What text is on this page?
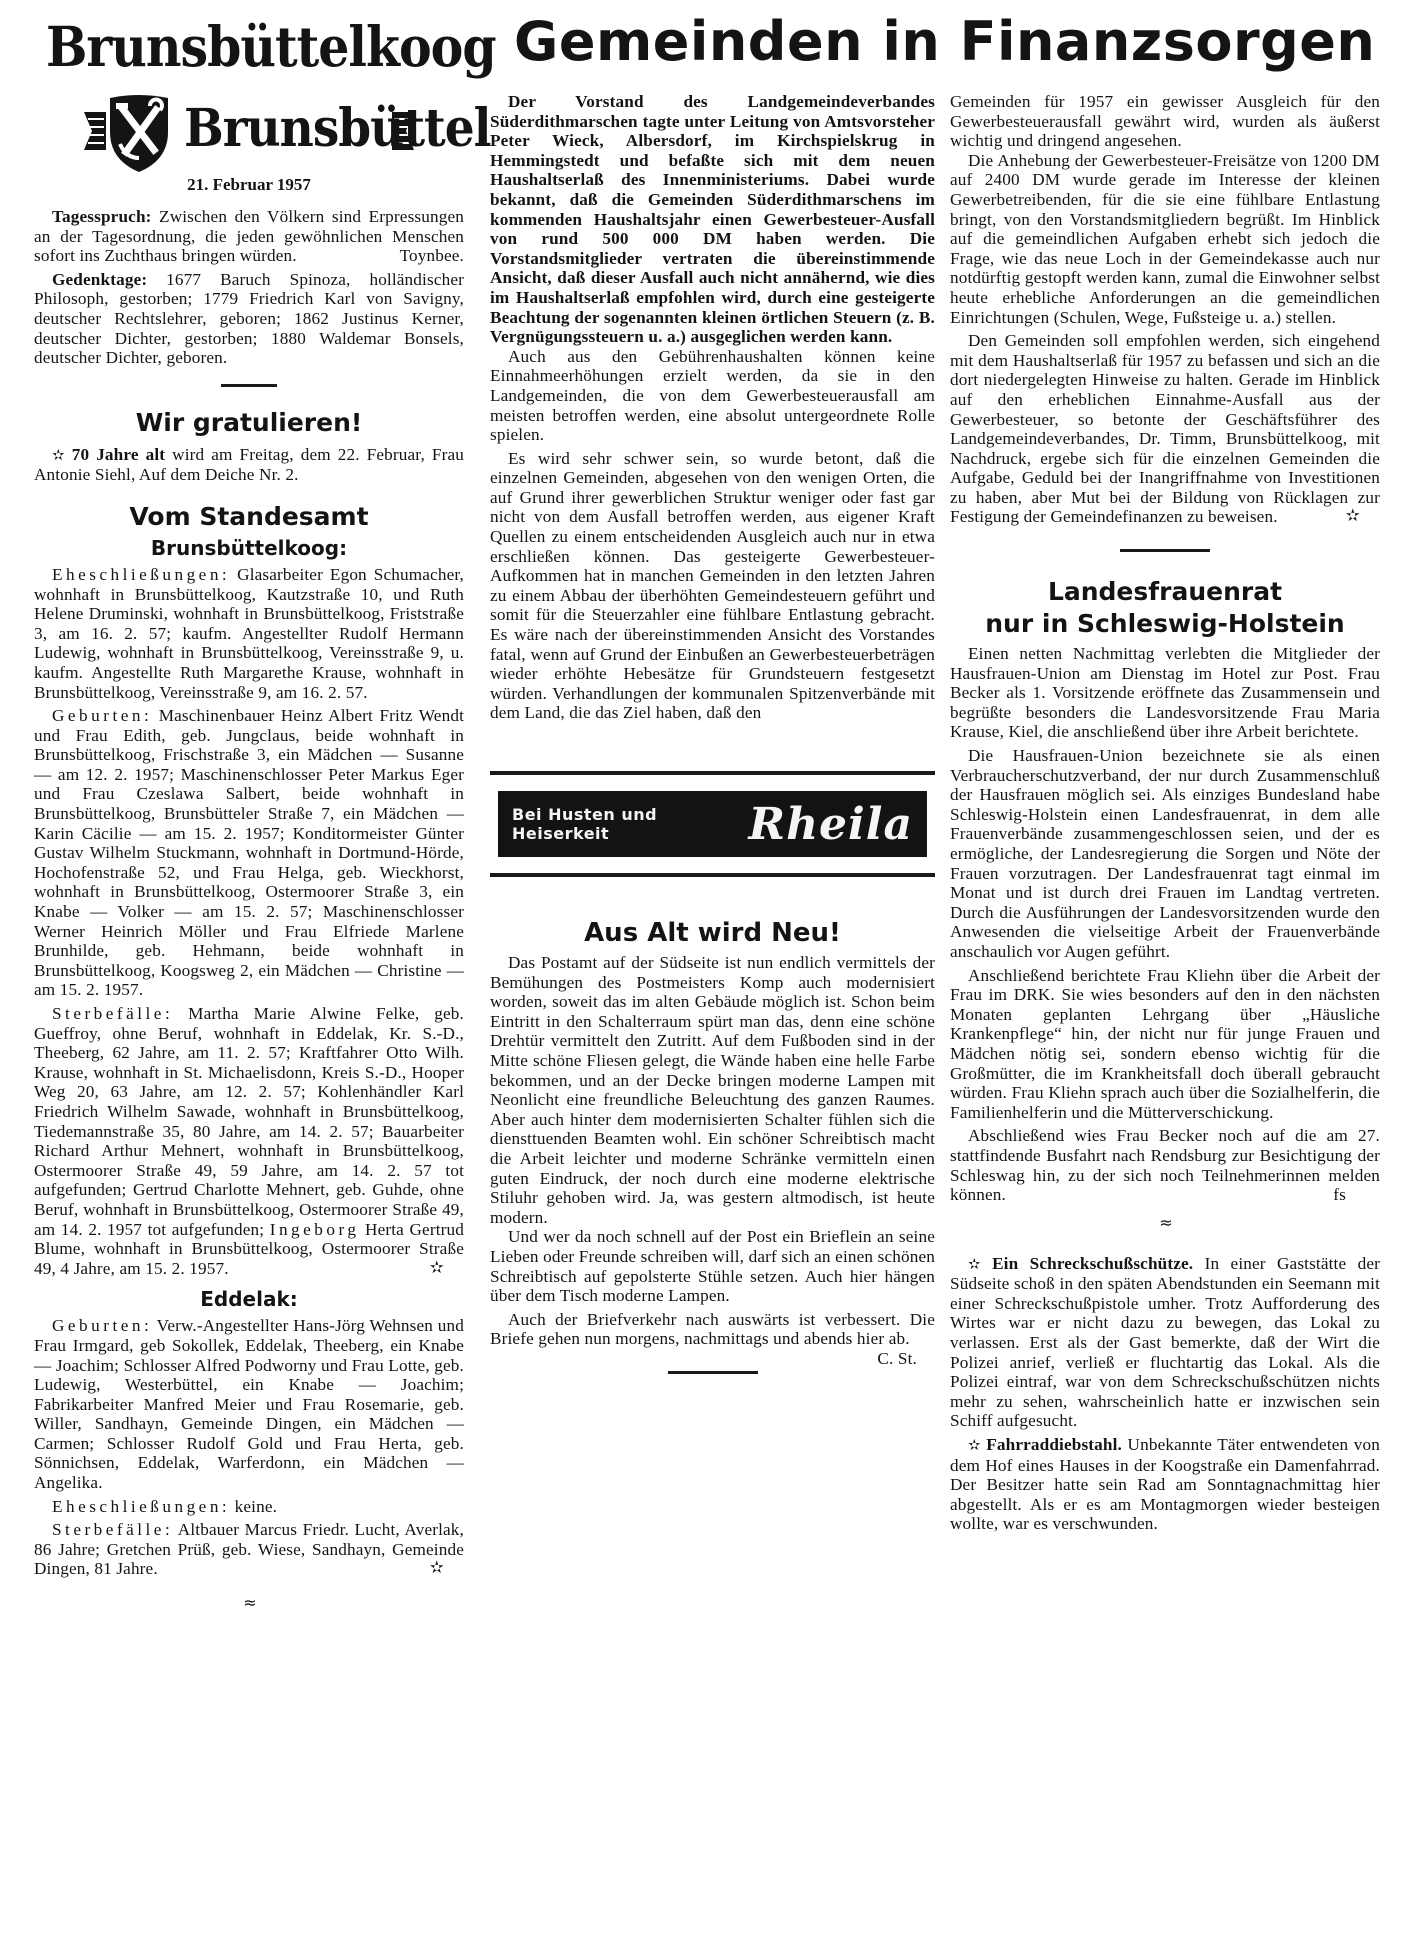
Gemeinden in Finanzsorgen
Brunsbüttelkoog
Brunsbüttel
21. Februar 1957

Tagesspruch: Zwischen den Völkern sind Erpressungen an der Tagesordnung, die jeden gewöhnlichen Menschen sofort ins Zuchthaus bringen würden.	Toynbee.

Gedenktage: 1677 Baruch Spinoza, holländischer Philosoph, gestorben; 1779 Friedrich Karl von Savigny, deutscher Rechtslehrer, geboren; 1862 Justinus Kerner, deutscher Dichter, gestorben; 1880 Waldemar Bonsels, deutscher Dichter, geboren.

Wir gratulieren!

✫ 70 Jahre alt wird am Freitag, dem 22. Februar, Frau Antonie Siehl, Auf dem Deiche Nr. 2.

Vom Standesamt
Brunsbüttelkoog:

Eheschließungen: Glasarbeiter Egon Schumacher, wohnhaft in Brunsbüttelkoog, Kautzstraße 10, und Ruth Helene Druminski, wohnhaft in Brunsbüttelkoog, Friststraße 3, am 16. 2. 57; kaufm. Angestellter Rudolf Hermann Ludewig, wohnhaft in Brunsbüttelkoog, Vereinsstraße 9, u. kaufm. Angestellte Ruth Margarethe Krause, wohnhaft in Brunsbüttelkoog, Vereinsstraße 9, am 16. 2. 57.

Geburten: Maschinenbauer Heinz Albert Fritz Wendt und Frau Edith, geb. Jungclaus, beide wohnhaft in Brunsbüttelkoog, Frischstraße 3, ein Mädchen — Susanne — am 12. 2. 1957; Maschinenschlosser Peter Markus Eger und Frau Czeslawa Salbert, beide wohnhaft in Brunsbüttelkoog, Brunsbütteler Straße 7, ein Mädchen — Karin Cäcilie — am 15. 2. 1957; Konditormeister Günter Gustav Wilhelm Stuckmann, wohnhaft in Dortmund-Hörde, Hochofenstraße 52, und Frau Helga, geb. Wieckhorst, wohnhaft in Brunsbüttelkoog, Ostermoorer Straße 3, ein Knabe — Volker — am 15. 2. 57; Maschinenschlosser Werner Heinrich Möller und Frau Elfriede Marlene Brunhilde, geb. Hehmann, beide wohnhaft in Brunsbüttelkoog, Koogsweg 2, ein Mädchen — Christine — am 15. 2. 1957.

Sterbefälle: Martha Marie Alwine Felke, geb. Gueffroy, ohne Beruf, wohnhaft in Eddelak, Kr. S.-D., Theeberg, 62 Jahre, am 11. 2. 57; Kraftfahrer Otto Wilh. Krause, wohnhaft in St. Michaelisdonn, Kreis S.-D., Hooper Weg 20, 63 Jahre, am 12. 2. 57; Kohlenhändler Karl Friedrich Wilhelm Sawade, wohnhaft in Brunsbüttelkoog, Tiedemannstraße 35, 80 Jahre, am 14. 2. 57; Bauarbeiter Richard Arthur Mehnert, wohnhaft in Brunsbüttelkoog, Ostermoorer Straße 49, 59 Jahre, am 14. 2. 57 tot aufgefunden; Gertrud Charlotte Mehnert, geb. Guhde, ohne Beruf, wohnhaft in Brunsbüttelkoog, Ostermoorer Straße 49, am 14. 2. 1957 tot aufgefunden; Ingeborg Herta Gertrud Blume, wohnhaft in Brunsbüttelkoog, Ostermoorer Straße 49, 4 Jahre, am 15. 2. 1957.	✫

Eddelak:

Geburten: Verw.-Angestellter Hans-Jörg Wehnsen und Frau Irmgard, geb Sokollek, Eddelak, Theeberg, ein Knabe — Joachim; Schlosser Alfred Podworny und Frau Lotte, geb. Ludewig, Westerbüttel, ein Knabe — Joachim; Fabrikarbeiter Manfred Meier und Frau Rosemarie, geb. Willer, Sandhayn, Gemeinde Dingen, ein Mädchen — Carmen; Schlosser Rudolf Gold und Frau Herta, geb. Sönnichsen, Eddelak, Warferdonn, ein Mädchen — Angelika.

Eheschließungen: keine.

Sterbefälle: Altbauer Marcus Friedr. Lucht, Averlak, 86 Jahre; Gretchen Prüß, geb. Wiese, Sandhayn, Gemeinde Dingen, 81 Jahre.	✫

≈

Der Vorstand des Landgemeindeverbandes Süderdithmarschen tagte unter Leitung von Amtsvorsteher Peter Wieck, Albersdorf, im Kirchspielskrug in Hemmingstedt und befaßte sich mit dem neuen Haushaltserlaß des Innenministeriums. Dabei wurde bekannt, daß die Gemeinden Süderdithmarschens im kommenden Haushaltsjahr einen Gewerbesteuer-Ausfall von rund 500 000 DM haben werden. Die Vorstandsmitglieder vertraten die übereinstimmende Ansicht, daß dieser Ausfall auch nicht annähernd, wie dies im Haushaltserlaß empfohlen wird, durch eine gesteigerte Beachtung der sogenannten kleinen örtlichen Steuern (z. B. Vergnügungssteuern u. a.) ausgeglichen werden kann.

Auch aus den Gebührenhaushalten können keine Einnahmeerhöhungen erzielt werden, da sie in den Landgemeinden, die von dem Gewerbesteuerausfall am meisten betroffen werden, eine absolut untergeordnete Rolle spielen.

Es wird sehr schwer sein, so wurde betont, daß die einzelnen Gemeinden, abgesehen von den wenigen Orten, die auf Grund ihrer gewerblichen Struktur weniger oder fast gar nicht von dem Ausfall betroffen werden, aus eigener Kraft Quellen zu einem entscheidenden Ausgleich auch nur in etwa erschließen können. Das gesteigerte Gewerbesteuer-Aufkommen hat in manchen Gemeinden in den letzten Jahren zu einem Abbau der überhöhten Gemeindesteuern geführt und somit für die Steuerzahler eine fühlbare Entlastung gebracht. Es wäre nach der übereinstimmenden Ansicht des Vorstandes fatal, wenn auf Grund der Einbußen an Gewerbesteuerbeträgen wieder erhöhte Hebesätze für Grundsteuern festgesetzt würden. Verhandlungen der kommunalen Spitzenverbände mit dem Land, die das Ziel haben, daß den

Bei Husten und Heiserkeit	Rheila
Aus Alt wird Neu!

Das Postamt auf der Südseite ist nun endlich vermittels der Bemühungen des Postmeisters Komp auch modernisiert worden, soweit das im alten Gebäude möglich ist. Schon beim Eintritt in den Schalterraum spürt man das, denn eine schöne Drehtür vermittelt den Zutritt. Auf dem Fußboden sind in der Mitte schöne Fliesen gelegt, die Wände haben eine helle Farbe bekommen, und an der Decke bringen moderne Lampen mit Neonlicht eine freundliche Beleuchtung des ganzen Raumes. Aber auch hinter dem modernisierten Schalter fühlen sich die diensttuenden Beamten wohl. Ein schöner Schreibtisch macht die Arbeit leichter und moderne Schränke vermitteln einen guten Eindruck, der noch durch eine moderne elektrische Stiluhr gehoben wird. Ja, was gestern altmodisch, ist heute modern.

Und wer da noch schnell auf der Post ein Brieflein an seine Lieben oder Freunde schreiben will, darf sich an einen schönen Schreibtisch auf gepolsterte Stühle setzen. Auch hier hängen über dem Tisch moderne Lampen.

Auch der Briefverkehr nach auswärts ist verbessert. Die Briefe gehen nun morgens, nachmittags und abends hier ab.
C. St.

Gemeinden für 1957 ein gewisser Ausgleich für den Gewerbesteuerausfall gewährt wird, wurden als äußerst wichtig und dringend angesehen.

Die Anhebung der Gewerbesteuer-Freisätze von 1200 DM auf 2400 DM wurde gerade im Interesse der kleinen Gewerbetreibenden, für die sie eine fühlbare Entlastung bringt, von den Vorstandsmitgliedern begrüßt. Im Hinblick auf die gemeindlichen Aufgaben erhebt sich jedoch die Frage, wie das neue Loch in der Gemeindekasse auch nur notdürftig gestopft werden kann, zumal die Einwohner selbst heute erhebliche Anforderungen an die gemeindlichen Einrichtungen (Schulen, Wege, Fußsteige u. a.) stellen.

Den Gemeinden soll empfohlen werden, sich eingehend mit dem Haushaltserlaß für 1957 zu befassen und sich an die dort niedergelegten Hinweise zu halten. Gerade im Hinblick auf den erheblichen Einnahme-Ausfall aus der Gewerbesteuer, so betonte der Geschäftsführer des Landgemeindeverbandes, Dr. Timm, Brunsbüttelkoog, mit Nachdruck, ergebe sich für die einzelnen Gemeinden die Aufgabe, Geduld bei der Inangriffnahme von Investitionen zu haben, aber Mut bei der Bildung von Rücklagen zur Festigung der Gemeindefinanzen zu beweisen.	✫

Landesfrauenrat
nur in Schleswig-Holstein

Einen netten Nachmittag verlebten die Mitglieder der Hausfrauen-Union am Dienstag im Hotel zur Post. Frau Becker als 1. Vorsitzende eröffnete das Zusammensein und begrüßte besonders die Landesvorsitzende Frau Maria Krause, Kiel, die anschließend über ihre Arbeit berichtete.

Die Hausfrauen-Union bezeichnete sie als einen Verbraucherschutzverband, der nur durch Zusammenschluß der Hausfrauen möglich sei. Als einziges Bundesland habe Schleswig-Holstein einen Landesfrauenrat, in dem alle Frauenverbände zusammengeschlossen seien, und der es ermögliche, der Landesregierung die Sorgen und Nöte der Frauen vorzutragen. Der Landesfrauenrat tagt einmal im Monat und ist durch drei Frauen im Landtag vertreten. Durch die Ausführungen der Landesvorsitzenden wurde den Anwesenden die vielseitige Arbeit der Frauenverbände anschaulich vor Augen geführt.

Anschließend berichtete Frau Kliehn über die Arbeit der Frau im DRK. Sie wies besonders auf den in den nächsten Monaten geplanten Lehrgang über „Häusliche Krankenpflege“ hin, der nicht nur für junge Frauen und Mädchen nötig sei, sondern ebenso wichtig für die Großmütter, die im Krankheitsfall doch überall gebraucht würden. Frau Kliehn sprach auch über die Sozialhelferin, die Familienhelferin und die Mütterverschickung.

Abschließend wies Frau Becker noch auf die am 27. stattfindende Busfahrt nach Rendsburg zur Besichtigung der Schleswag hin, zu der sich noch Teilnehmerinnen melden können.	fs

≈

✫ Ein Schreckschußschütze. In einer Gaststätte der Südseite schoß in den späten Abendstunden ein Seemann mit einer Schreckschußpistole umher. Trotz Aufforderung des Wirtes war er nicht dazu zu bewegen, das Lokal zu verlassen. Erst als der Gast bemerkte, daß der Wirt die Polizei anrief, verließ er fluchtartig das Lokal. Als die Polizei eintraf, war von dem Schreckschußschützen nichts mehr zu sehen, wahrscheinlich hatte er inzwischen sein Schiff aufgesucht.

✫ Fahrraddiebstahl. Unbekannte Täter entwendeten von dem Hof eines Hauses in der Koogstraße ein Damenfahrrad. Der Besitzer hatte sein Rad am Sonntagnachmittag hier abgestellt. Als er es am Montagmorgen wieder besteigen wollte, war es verschwunden.
